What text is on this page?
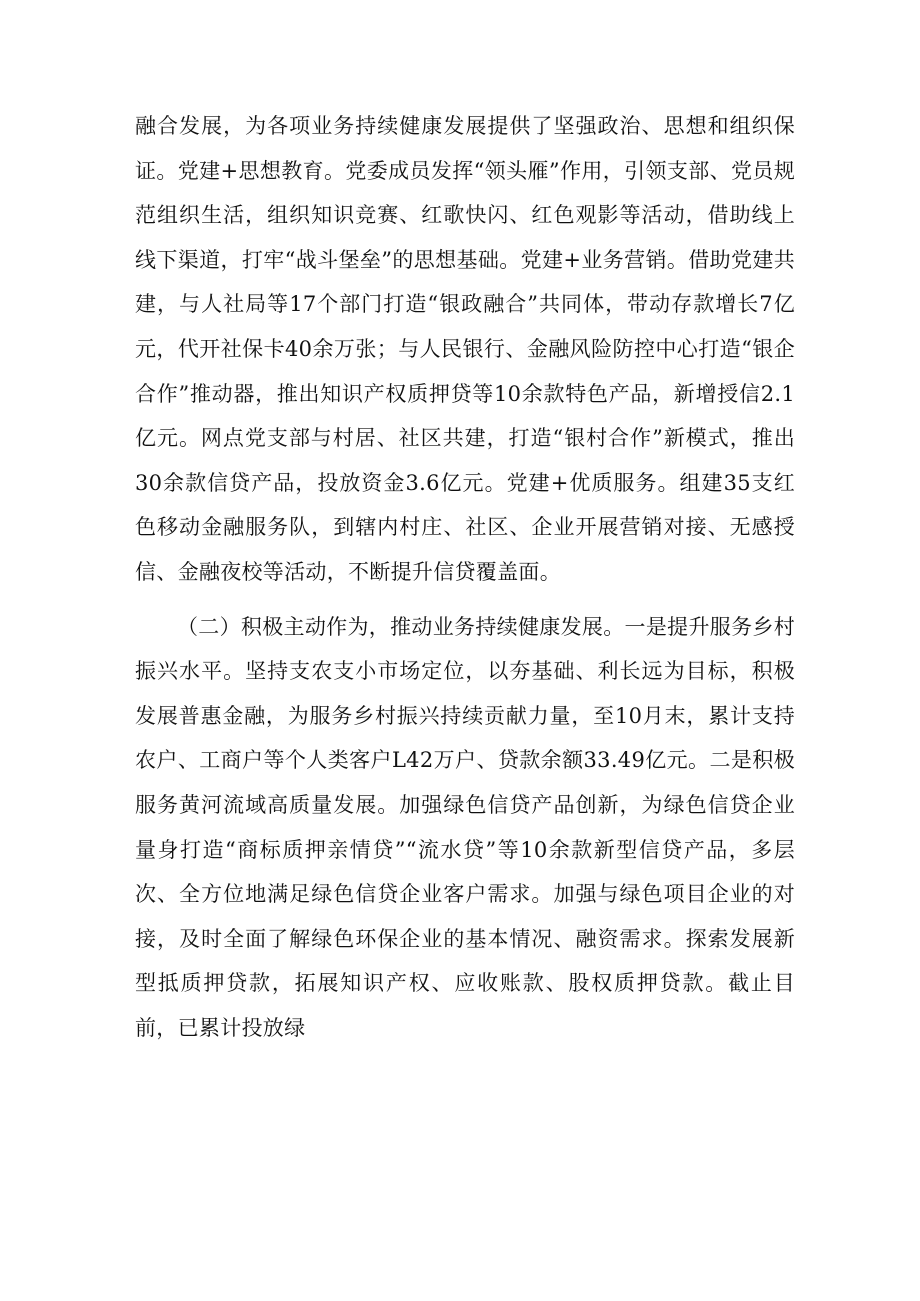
融合发展，为各项业务持续健康发展提供了坚强政治、思想和组织保证。党建+思想教育。党委成员发挥“领头雁”作用，引领支部、党员规范组织生活，组织知识竞赛、红歌快闪、红色观影等活动，借助线上线下渠道，打牢“战斗堡垒”的思想基础。党建+业务营销。借助党建共建，与人社局等17个部门打造“银政融合”共同体，带动存款增长7亿元，代开社保卡40余万张；与人民银行、金融风险防控中心打造“银企合作”推动器，推出知识产权质押贷等10余款特色产品，新增授信2.1亿元。网点党支部与村居、社区共建，打造“银村合作”新模式，推出30余款信贷产品，投放资金3.6亿元。党建+优质服务。组建35支红色移动金融服务队，到辖内村庄、社区、企业开展营销对接、无感授信、金融夜校等活动，不断提升信贷覆盖面。

（二）积极主动作为，推动业务持续健康发展。一是提升服务乡村振兴水平。坚持支农支小市场定位，以夯基础、利长远为目标，积极发展普惠金融，为服务乡村振兴持续贡献力量，至10月末，累计支持农户、工商户等个人类客户L42万户、贷款余额33.49亿元。二是积极服务黄河流域高质量发展。加强绿色信贷产品创新，为绿色信贷企业量身打造“商标质押亲情贷”“流水贷”等10余款新型信贷产品，多层次、全方位地满足绿色信贷企业客户需求。加强与绿色项目企业的对接，及时全面了解绿色环保企业的基本情况、融资需求。探索发展新型抵质押贷款，拓展知识产权、应收账款、股权质押贷款。截止目前，已累计投放绿
